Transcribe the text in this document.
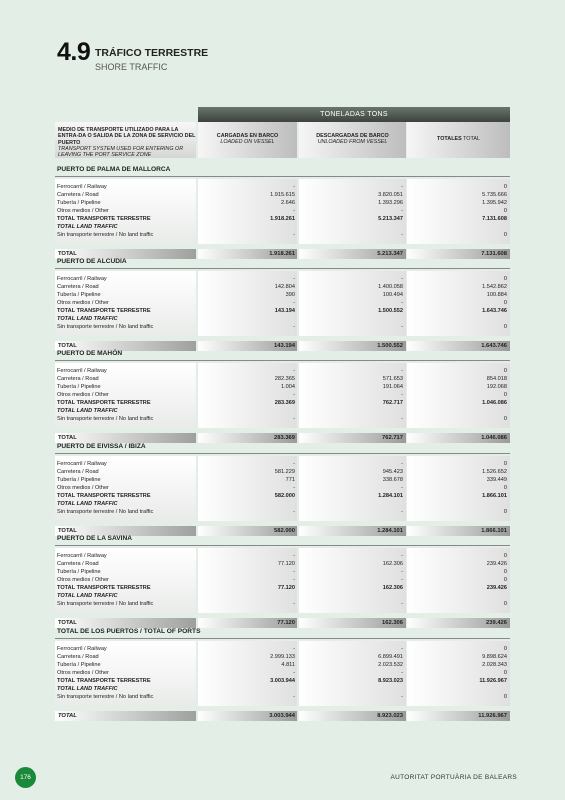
4.9 TRÁFICO TERRESTRE
SHORE TRAFFIC
TONELADAS TONS
MEDIO DE TRANSPORTE UTILIZADO PARA LA ENTRA-DA O SALIDA DE LA ZONA DE SERVICIO DEL PUERTO
TRANSPORT SYSTEM USED FOR ENTERING OR LEAVING THE PORT SERVICE ZONE
CARGADAS EN BARCO
LOADED ON VESSEL
DESCARGADAS DE BARCO
UNLOADED FROM VESSEL
TOTALES TOTAL
PUERTO DE PALMA DE MALLORCA
Ferrocarril / Railway	-	-	0
Carretera / Road	1.915.615	3.820.051	5.735.666
Tubería / Pipeline	2.646	1.393.296	1.395.942
Otros medios / Other	-	-	0
TOTAL TRANSPORTE TERRESTRE	1.918.261	5.213.347	7.131.608
TOTAL LAND TRAFFIC
Sin transporte terrestre / No land traffic	-	-	0
TOTAL	1.918.261	5.213.347	7.131.608
PUERTO DE ALCUDIA
Ferrocarril / Railway	-	-	0
Carretera / Road	142.804	1.400.058	1.542.862
Tubería / Pipeline	390	100.494	100.884
Otros medios / Other	-	-	0
TOTAL TRANSPORTE TERRESTRE	143.194	1.500.552	1.643.746
TOTAL LAND TRAFFIC
Sin transporte terrestre / No land traffic	-	-	0
TOTAL	143.194	1.500.552	1.643.746
PUERTO DE MAHÓN
Ferrocarril / Railway	-	-	0
Carretera / Road	282.365	571.653	854.018
Tubería / Pipeline	1.004	191.064	192.068
Otros medios / Other	-	-	0
TOTAL TRANSPORTE TERRESTRE	283.369	762.717	1.046.086
TOTAL LAND TRAFFIC
Sin transporte terrestre / No land traffic	-	-	0
TOTAL	283.369	762.717	1.046.086
PUERTO DE EIVISSA / IBIZA
Ferrocarril / Railway	-	-	0
Carretera / Road	581.229	945.423	1.526.652
Tubería / Pipeline	771	338.678	339.449
Otros medios / Other	-	-	0
TOTAL TRANSPORTE TERRESTRE	582.000	1.284.101	1.866.101
TOTAL LAND TRAFFIC
Sin transporte terrestre / No land traffic	-	-	0
TOTAL	582.000	1.284.101	1.866.101
PUERTO DE LA SAVINA
Ferrocarril / Railway	-	-	0
Carretera / Road	77.120	162.306	239.426
Tubería / Pipeline	-	-	0
Otros medios / Other	-	-	0
TOTAL TRANSPORTE TERRESTRE	77.120	162.306	239.426
TOTAL LAND TRAFFIC
Sin transporte terrestre / No land traffic	-	-	0
TOTAL	77.120	162.306	239.426
TOTAL DE LOS PUERTOS / TOTAL OF PORTS
Ferrocarril / Railway	-	-	0
Carretera / Road	2.999.133	6.899.491	9.898.624
Tubería / Pipeline	4.811	2.023.532	2.028.343
Otros medios / Other	-	-	0
TOTAL TRANSPORTE TERRESTRE	3.003.944	8.923.023	11.926.967
TOTAL LAND TRAFFIC
Sin transporte terrestre / No land traffic	-	-	0
TOTAL	3.003.944	8.923.023	11.926.967
176	AUTORITAT PORTUÀRIA DE BALEARS
